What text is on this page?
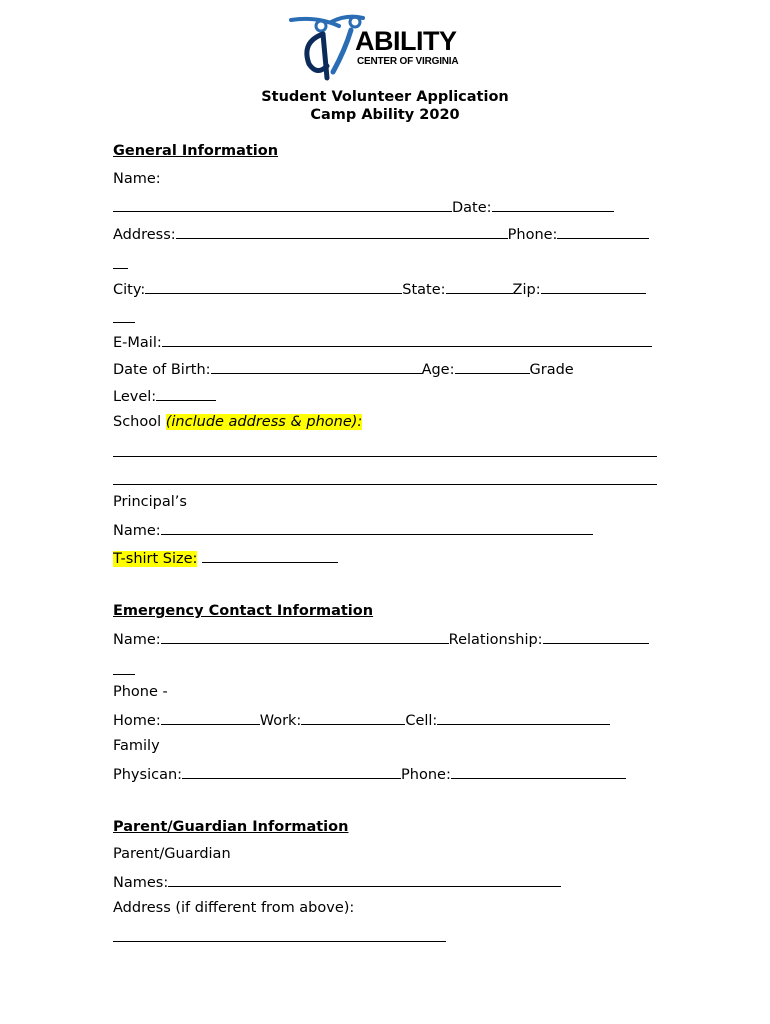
ABILITY
CENTER OF VIRGINIA
Student Volunteer Application
Camp Ability 2020
General Information
Name:
Date:
Address:	Phone:
City:	State:	Zip:
E-Mail:
Date of Birth:	Age:	Grade
Level:
School (include address & phone):
Principal’s
Name:
T-shirt Size:
Emergency Contact Information
Name:	Relationship:
Phone -
Home:	Work:	Cell:
Family
Physican:	Phone:
Parent/Guardian Information
Parent/Guardian
Names:
Address (if different from above):
